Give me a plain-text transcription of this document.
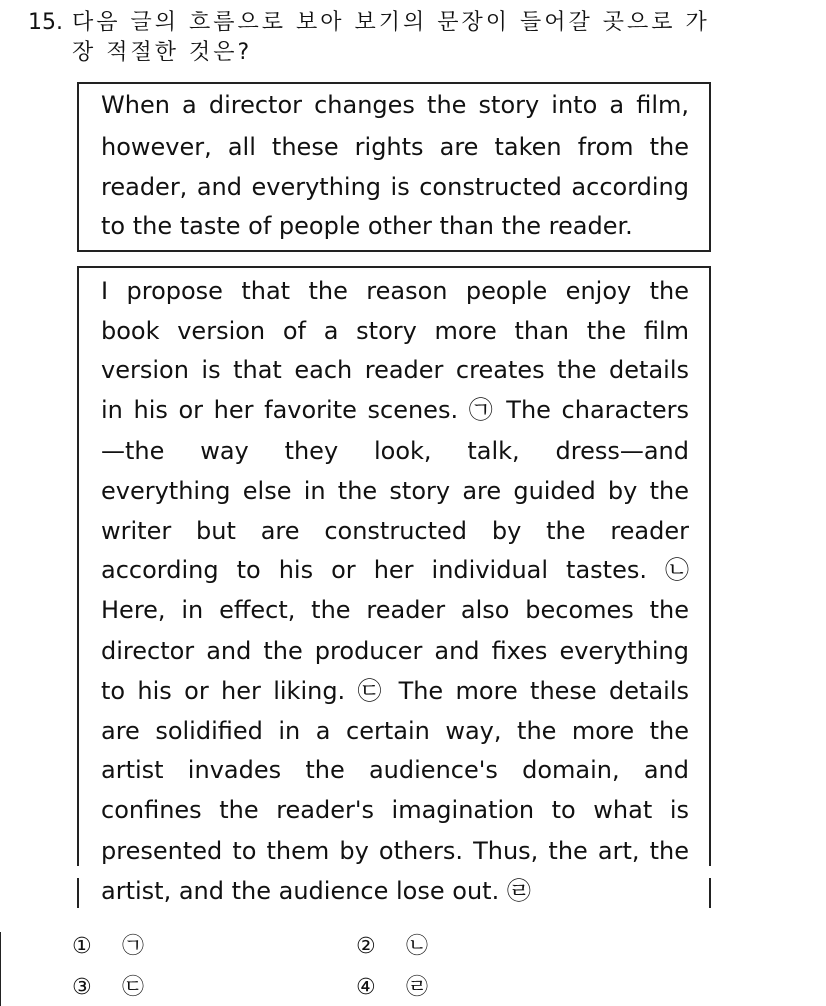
15. 다음 글의 흐름으로 보아 보기의 문장이 들어갈 곳으로 가
장 적절한 것은?
When a director changes the story into a film,
however, all these rights are taken from the
reader, and everything is constructed according
to the taste of people other than the reader.
I propose that the reason people enjoy the
book version of a story more than the film
version is that each reader creates the details
in his or her favorite scenes. ㉠ The characters
—the way they look, talk, dress—and
everything else in the story are guided by the
writer but are constructed by the reader
according to his or her individual tastes. ㉡
Here, in effect, the reader also becomes the
director and the producer and fixes everything
to his or her liking. ㉢ The more these details
are solidified in a certain way, the more the
artist invades the audience's domain, and
confines the reader's imagination to what is
presented to them by others. Thus, the art, the
artist, and the audience lose out. ㉣
① ㉠	② ㉡
③ ㉢	④ ㉣
